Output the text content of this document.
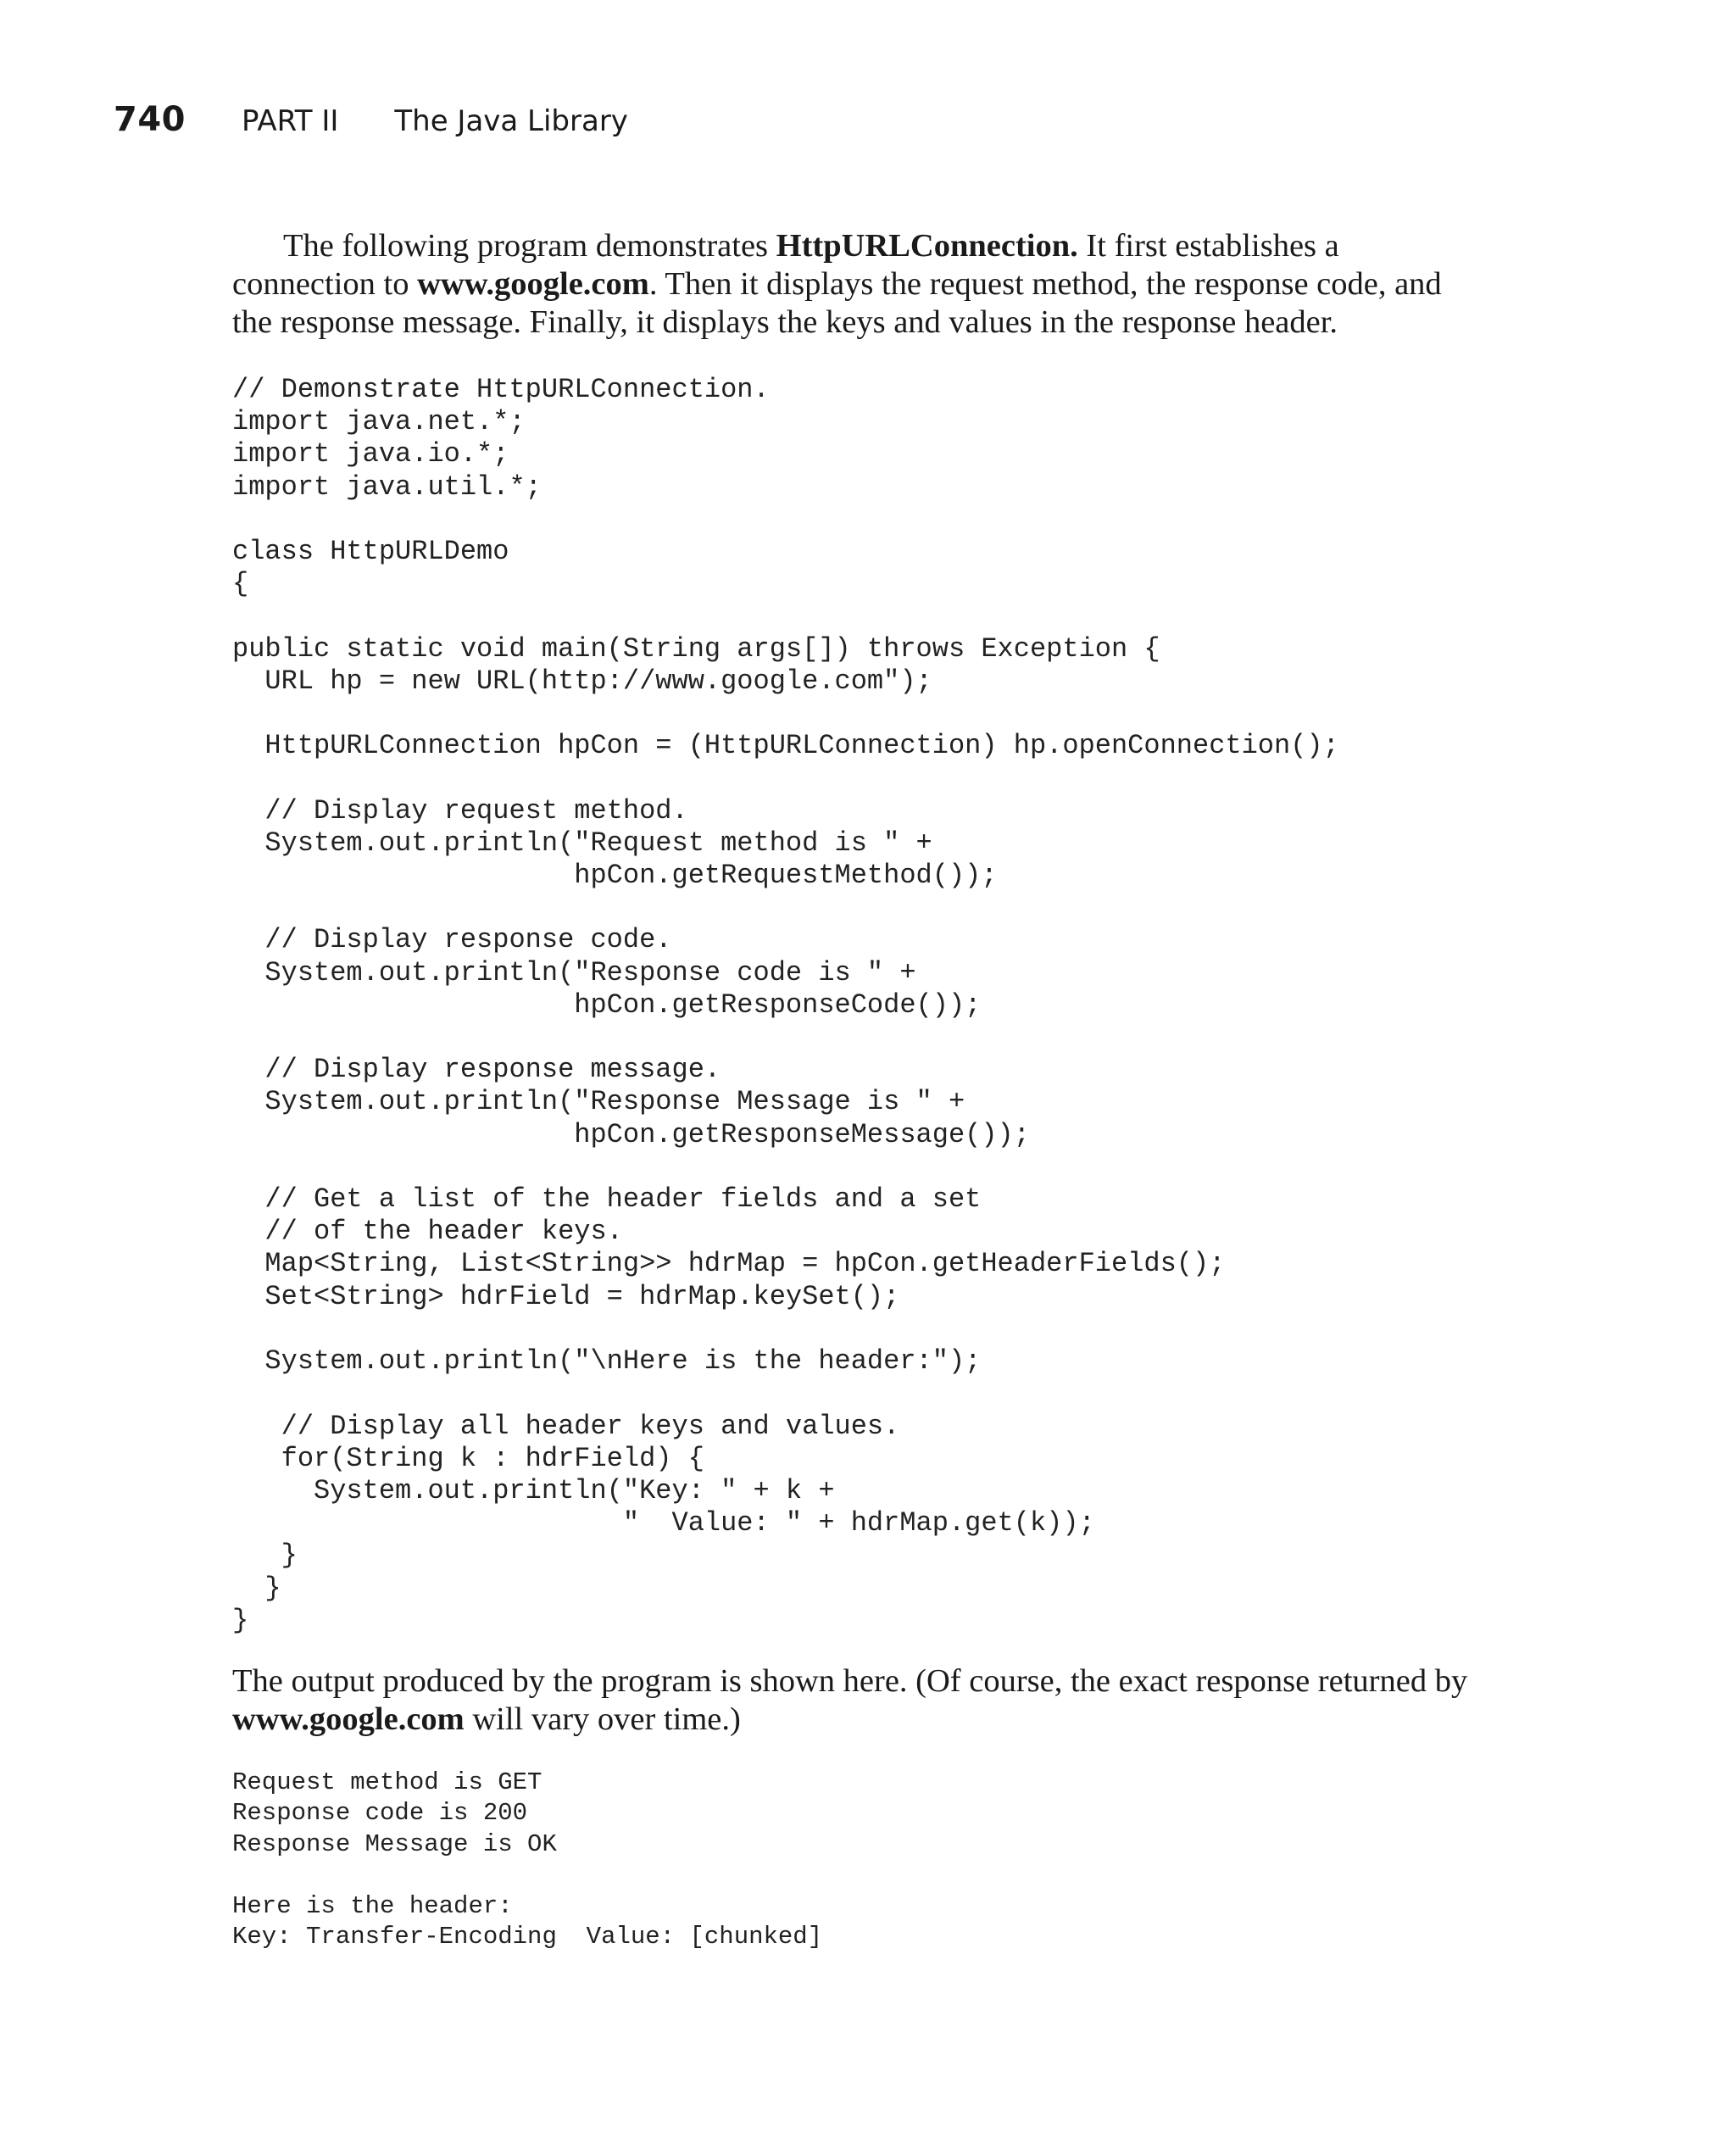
740 PART II The Java Library

The following program demonstrates HttpURLConnection. It first establishes a connection to www.google.com. Then it displays the request method, the response code, and the response message. Finally, it displays the keys and values in the response header.

// Demonstrate HttpURLConnection.
import java.net.*;
import java.io.*;
import java.util.*;

class HttpURLDemo
{

public static void main(String args[]) throws Exception {
URL hp = new URL(http://www.google.com");

HttpURLConnection hpCon = (HttpURLConnection) hp.openConnection();

// Display request method.
System.out.println("Request method is " +
hpCon.getRequestMethod());

// Display response code.
System.out.println("Response code is " +
hpCon.getResponseCode());

// Display response message.
System.out.println("Response Message is " +
hpCon.getResponseMessage());

// Get a list of the header fields and a set
// of the header keys.
Map<String, List<String>> hdrMap = hpCon.getHeaderFields();
Set<String> hdrField = hdrMap.keySet();

System.out.println("\nHere is the header:");

// Display all header keys and values.
for(String k : hdrField) {
System.out.println("Key: " + k +
"  Value: " + hdrMap.get(k));
}
}
}

The output produced by the program is shown here. (Of course, the exact response returned by www.google.com will vary over time.)

Request method is GET
Response code is 200
Response Message is OK

Here is the header:
Key: Transfer-Encoding  Value: [chunked]
